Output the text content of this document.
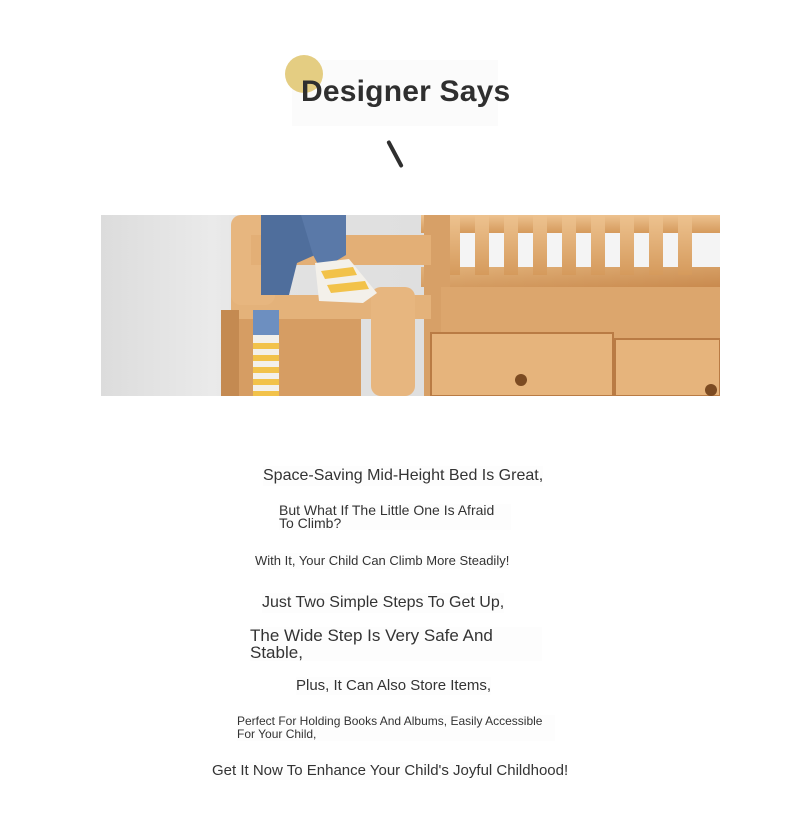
Designer Says
Space-Saving Mid-Height Bed Is Great,
But What If The Little One Is Afraid To Climb?
With It, Your Child Can Climb More Steadily!
Just Two Simple Steps To Get Up,
The Wide Step Is Very Safe And Stable,
Plus, It Can Also Store Items,
Perfect For Holding Books And Albums, Easily Accessible For Your Child,
Get It Now To Enhance Your Child's Joyful Childhood!
